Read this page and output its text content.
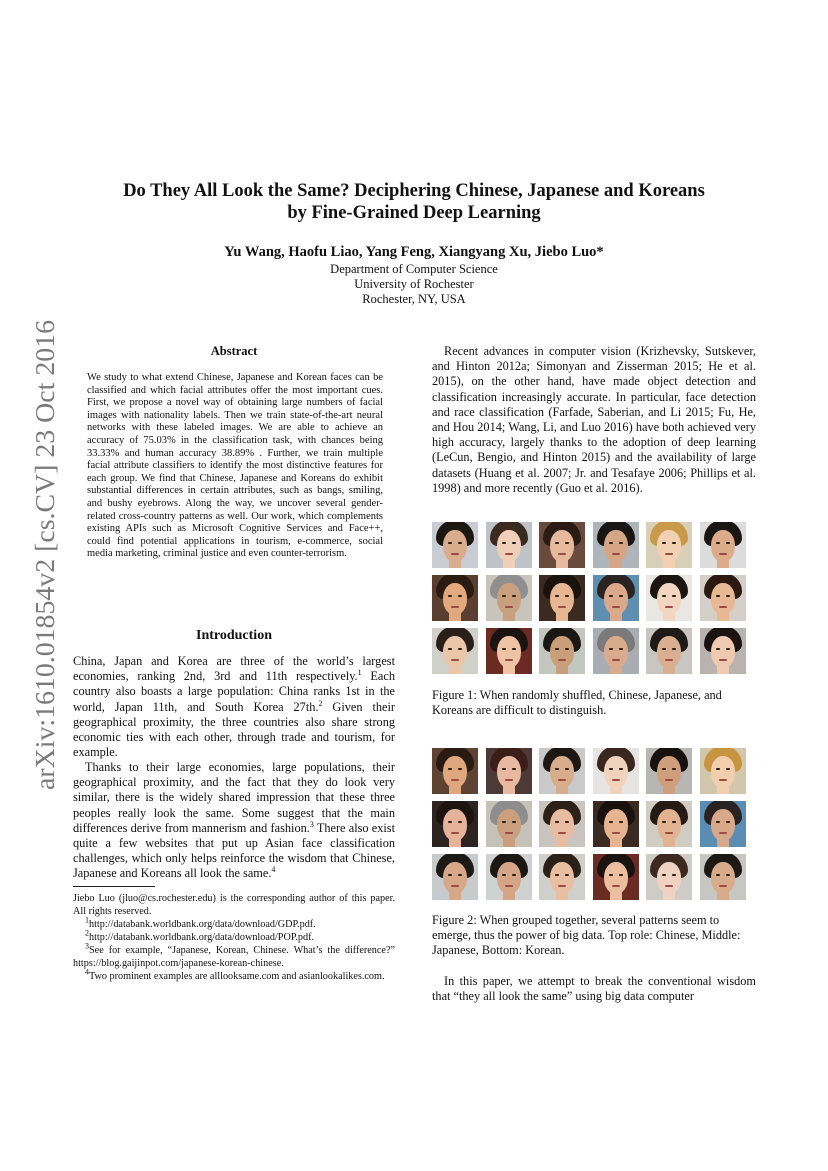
arXiv:1610.01854v2 [cs.CV] 23 Oct 2016
Do They All Look the Same? Deciphering Chinese, Japanese and Koreans
by Fine-Grained Deep Learning
Yu Wang, Haofu Liao, Yang Feng, Xiangyang Xu, Jiebo Luo*
Department of Computer Science
University of Rochester
Rochester, NY, USA
Abstract
We study to what extend Chinese, Japanese and Korean faces can be classified and which facial attributes offer the most important cues. First, we propose a novel way of obtaining large numbers of facial images with nationality labels. Then we train state-of-the-art neural networks with these labeled images. We are able to achieve an accuracy of 75.03% in the classification task, with chances being 33.33% and human accuracy 38.89% . Further, we train multiple facial attribute classifiers to identify the most distinctive features for each group. We find that Chinese, Japanese and Koreans do exhibit substantial differences in certain attributes, such as bangs, smiling, and bushy eyebrows. Along the way, we uncover several gender-related cross-country patterns as well. Our work, which complements existing APIs such as Microsoft Cognitive Services and Face++, could find potential applications in tourism, e-commerce, social media marketing, criminal justice and even counter-terrorism.
Introduction
China, Japan and Korea are three of the world’s largest economies, ranking 2nd, 3rd and 11th respectively.$^1$ Each country also boasts a large population: China ranks 1st in the world, Japan 11th, and South Korea 27th.$^2$ Given their geographical proximity, the three countries also share strong economic ties with each other, through trade and tourism, for example.
Thanks to their large economies, large populations, their geographical proximity, and the fact that they do look very similar, there is the widely shared impression that these three peoples really look the same. Some suggest that the main differences derive from mannerism and fashion.$^3$ There also exist quite a few websites that put up Asian face classification challenges, which only helps reinforce the wisdom that Chinese, Japanese and Koreans all look the same.$^4$

Jiebo Luo (jluo@cs.rochester.edu) is the corresponding author of this paper. All rights reserved.

$^1$http://databank.worldbank.org/data/download/GDP.pdf.

$^2$http://databank.worldbank.org/data/download/POP.pdf.

$^3$See for example, “Japanese, Korean, Chinese. What’s the difference?” https://blog.gaijinpot.com/japanese-korean-chinese.

$^4$Two prominent examples are alllooksame.com and asianlookalikes.com.

Recent advances in computer vision (Krizhevsky, Sutskever, and Hinton 2012a; Simonyan and Zisserman 2015; He et al. 2015), on the other hand, have made object detection and classification increasingly accurate. In particular, face detection and race classification (Farfade, Saberian, and Li 2015; Fu, He, and Hou 2014; Wang, Li, and Luo 2016) have both achieved very high accuracy, largely thanks to the adoption of deep learning (LeCun, Bengio, and Hinton 2015) and the availability of large datasets (Huang et al. 2007; Jr. and Tesafaye 2006; Phillips et al. 1998) and more recently (Guo et al. 2016).
Figure 1: When randomly shuffled, Chinese, Japanese, and Koreans are difficult to distinguish.
Figure 2: When grouped together, several patterns seem to emerge, thus the power of big data. Top role: Chinese, Middle: Japanese, Bottom: Korean.
In this paper, we attempt to break the conventional wisdom that “they all look the same” using big data computer
